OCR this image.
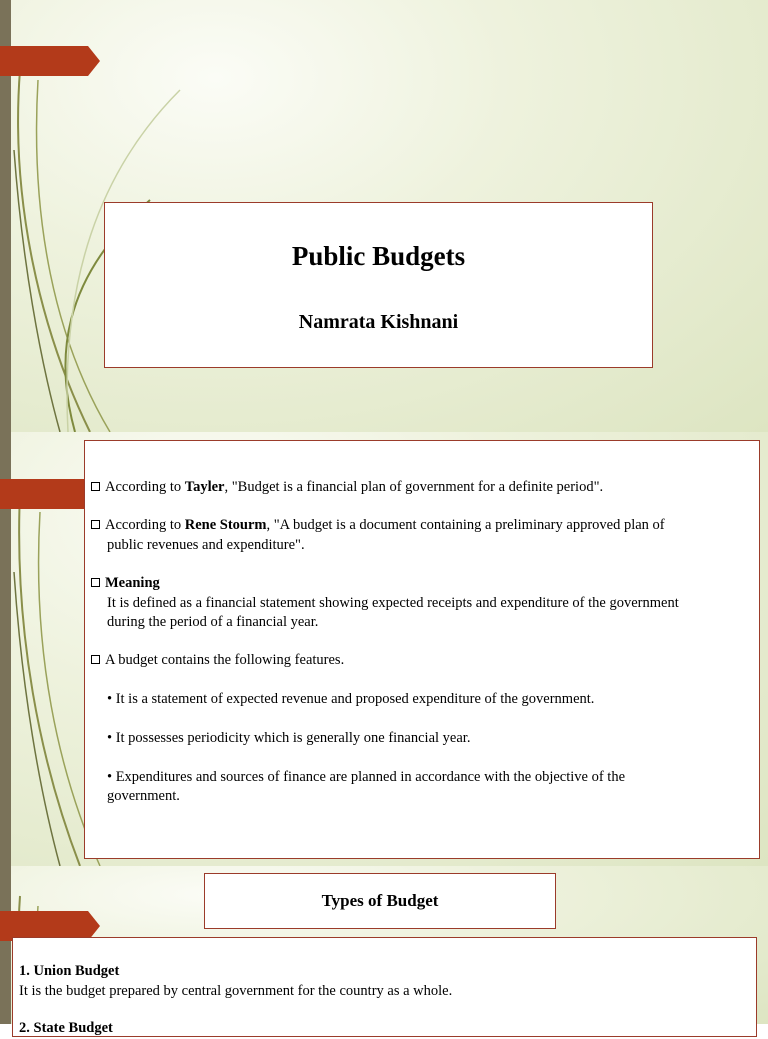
Public Budgets
Namrata Kishnani
According to Tayler, "Budget is a financial plan of government for a definite period".
According to Rene Stourm, "A budget is a document containing a preliminary approved plan of
public revenues and expenditure".
Meaning
It is defined as a financial statement showing expected receipts and expenditure of the government
during the period of a financial year.
A budget contains the following features.
• It is a statement of expected revenue and proposed expenditure of the government.
• It possesses periodicity which is generally one financial year.
• Expenditures and sources of finance are planned in accordance with the objective of the
government.
Types of Budget
1. Union Budget
It is the budget prepared by central government for the country as a whole.
2. State Budget
